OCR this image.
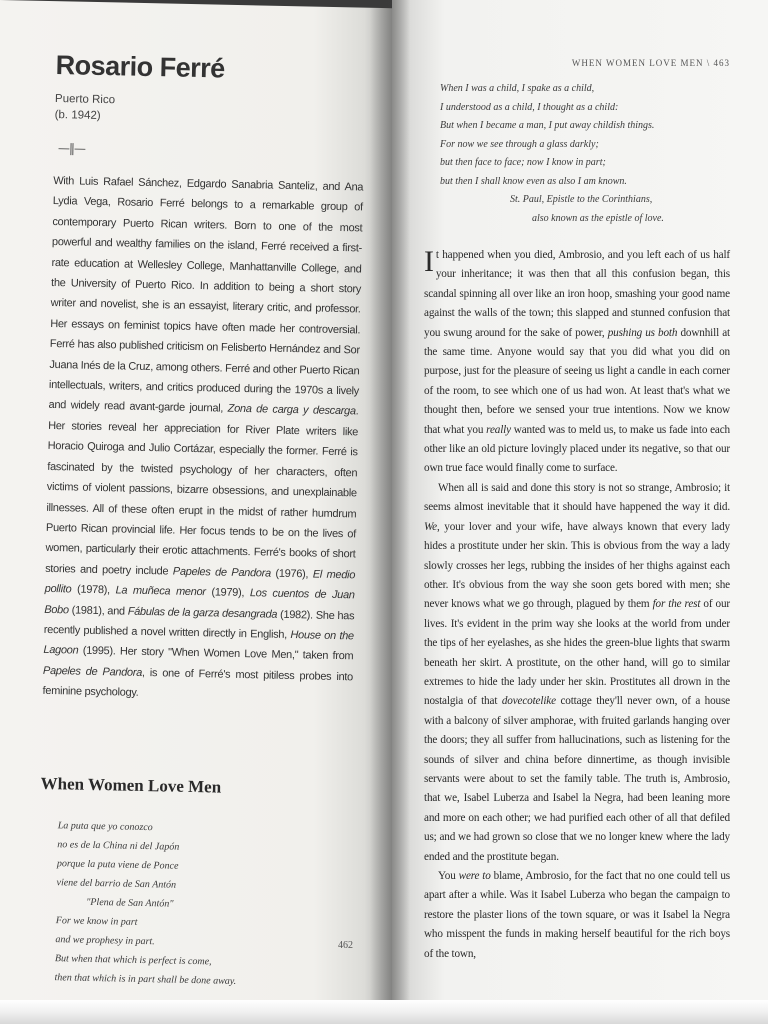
Rosario Ferré
Puerto Rico
(b. 1942)
—‖—
With Luis Rafael Sánchez, Edgardo Sanabria Santeliz, and Ana Lydia Vega, Rosario Ferré belongs to a remarkable group of contemporary Puerto Rican writers. Born to one of the most powerful and wealthy families on the island, Ferré received a first-rate education at Wellesley College, Manhattanville College, and the University of Puerto Rico. In addition to being a short story writer and novelist, she is an essayist, literary critic, and professor. Her essays on feminist topics have often made her controversial. Ferré has also published criticism on Felisberto Hernández and Sor Juana Inés de la Cruz, among others. Ferré and other Puerto Rican intellectuals, writers, and critics produced during the 1970s a lively and widely read avant-garde journal, Zona de carga y descarga. Her stories reveal her appreciation for River Plate writers like Horacio Quiroga and Julio Cortázar, especially the former. Ferré is fascinated by the twisted psychology of her characters, often victims of violent passions, bizarre obsessions, and unexplainable illnesses. All of these often erupt in the midst of rather humdrum Puerto Rican provincial life. Her focus tends to be on the lives of women, particularly their erotic attachments. Ferré's books of short stories and poetry include Papeles de Pandora (1976), El medio pollito (1978), La muñeca menor (1979), Los cuentos de Juan Bobo (1981), and Fábulas de la garza desangrada (1982). She has recently published a novel written directly in English, House on the Lagoon (1995). Her story "When Women Love Men," taken from Papeles de Pandora, is one of Ferré's most pitiless probes into feminine psychology.
When Women Love Men
La puta que yo conozco
no es de la China ni del Japón
porque la puta viene de Ponce
viene del barrio de San Antón
"Plena de San Antón"
For we know in part
and we prophesy in part.
But when that which is perfect is come,
then that which is in part shall be done away.
462
WHEN WOMEN LOVE MEN \ 463
When I was a child, I spake as a child,
I understood as a child, I thought as a child:
But when I became a man, I put away childish things.
For now we see through a glass darkly;
but then face to face; now I know in part;
but then I shall know even as also I am known.
St. Paul, Epistle to the Corinthians,
also known as the epistle of love.

It happened when you died, Ambrosio, and you left each of us half your inheritance; it was then that all this confusion began, this scandal spinning all over like an iron hoop, smashing your good name against the walls of the town; this slapped and stunned confusion that you swung around for the sake of power, pushing us both downhill at the same time. Anyone would say that you did what you did on purpose, just for the pleasure of seeing us light a candle in each corner of the room, to see which one of us had won. At least that's what we thought then, before we sensed your true intentions. Now we know that what you really wanted was to meld us, to make us fade into each other like an old picture lovingly placed under its negative, so that our own true face would finally come to surface.

When all is said and done this story is not so strange, Ambrosio; it seems almost inevitable that it should have happened the way it did. We, your lover and your wife, have always known that every lady hides a prostitute under her skin. This is obvious from the way a lady slowly crosses her legs, rubbing the insides of her thighs against each other. It's obvious from the way she soon gets bored with men; she never knows what we go through, plagued by them for the rest of our lives. It's evident in the prim way she looks at the world from under the tips of her eyelashes, as she hides the green-blue lights that swarm beneath her skirt. A prostitute, on the other hand, will go to similar extremes to hide the lady under her skin. Prostitutes all drown in the nostalgia of that dovecotelike cottage they'll never own, of a house with a balcony of silver amphorae, with fruited garlands hanging over the doors; they all suffer from hallucinations, such as listening for the sounds of silver and china before dinnertime, as though invisible servants were about to set the family table. The truth is, Ambrosio, that we, Isabel Luberza and Isabel la Negra, had been leaning more and more on each other; we had purified each other of all that defiled us; and we had grown so close that we no longer knew where the lady ended and the prostitute began.

You were to blame, Ambrosio, for the fact that no one could tell us apart after a while. Was it Isabel Luberza who began the campaign to restore the plaster lions of the town square, or was it Isabel la Negra who misspent the funds in making herself beautiful for the rich boys of the town,
